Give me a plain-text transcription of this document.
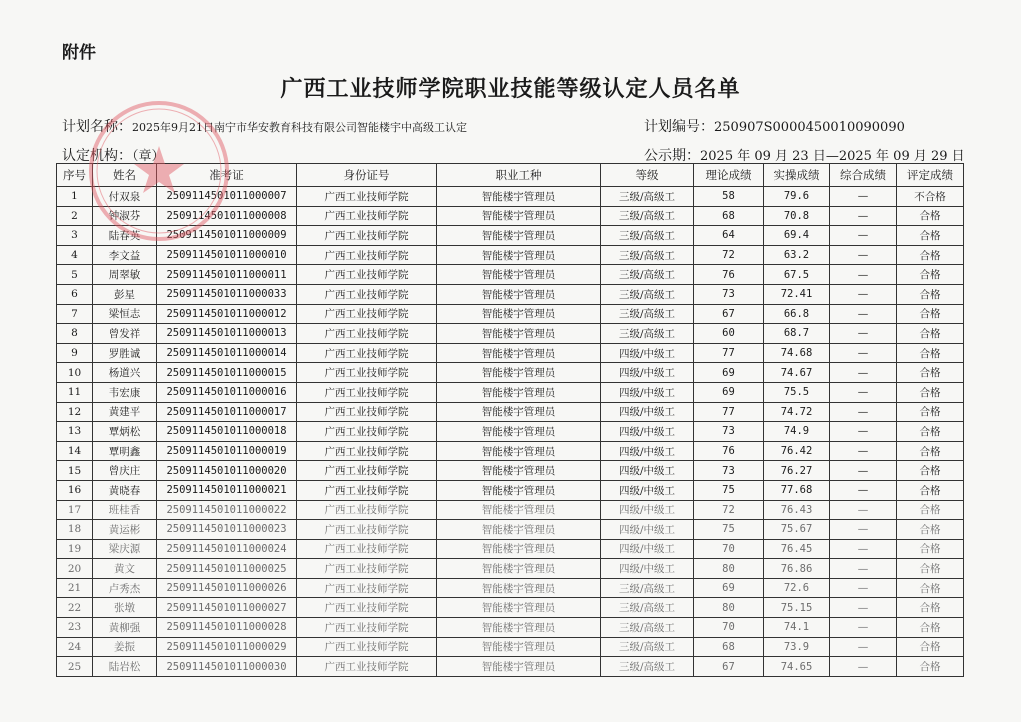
附件
广西工业技师学院职业技能等级认定人员名单
计划名称：2025年9月21日南宁市华安教育科技有限公司智能楼宇中高级工认定	计划编号：250907S0000450010090090
认定机构：（章）	公示期：2025 年 09 月 23 日—2025 年 09 月 29 日
序号	姓名	准考证	身份证号	职业工种	等级	理论成绩	实操成绩	综合成绩	评定成绩
1	付双泉	2509114501011000007	广西工业技师学院	智能楼宇管理员	三级/高级工	58	79.6	—	不合格
2	钟淑芬	2509114501011000008	广西工业技师学院	智能楼宇管理员	三级/高级工	68	70.8	—	合格
3	陆春英	2509114501011000009	广西工业技师学院	智能楼宇管理员	三级/高级工	64	69.4	—	合格
4	李文益	2509114501011000010	广西工业技师学院	智能楼宇管理员	三级/高级工	72	63.2	—	合格
5	周翠敏	2509114501011000011	广西工业技师学院	智能楼宇管理员	三级/高级工	76	67.5	—	合格
6	彭星	2509114501011000033	广西工业技师学院	智能楼宇管理员	三级/高级工	73	72.41	—	合格
7	梁恒志	2509114501011000012	广西工业技师学院	智能楼宇管理员	三级/高级工	67	66.8	—	合格
8	曾发祥	2509114501011000013	广西工业技师学院	智能楼宇管理员	三级/高级工	60	68.7	—	合格
9	罗胜诚	2509114501011000014	广西工业技师学院	智能楼宇管理员	四级/中级工	77	74.68	—	合格
10	杨道兴	2509114501011000015	广西工业技师学院	智能楼宇管理员	四级/中级工	69	74.67	—	合格
11	韦宏康	2509114501011000016	广西工业技师学院	智能楼宇管理员	四级/中级工	69	75.5	—	合格
12	黄建平	2509114501011000017	广西工业技师学院	智能楼宇管理员	四级/中级工	77	74.72	—	合格
13	覃炳松	2509114501011000018	广西工业技师学院	智能楼宇管理员	四级/中级工	73	74.9	—	合格
14	覃明鑫	2509114501011000019	广西工业技师学院	智能楼宇管理员	四级/中级工	76	76.42	—	合格
15	曾庆庄	2509114501011000020	广西工业技师学院	智能楼宇管理员	四级/中级工	73	76.27	—	合格
16	黄晓春	2509114501011000021	广西工业技师学院	智能楼宇管理员	四级/中级工	75	77.68	—	合格
17	班桂香	2509114501011000022	广西工业技师学院	智能楼宇管理员	四级/中级工	72	76.43	—	合格
18	黄运彬	2509114501011000023	广西工业技师学院	智能楼宇管理员	四级/中级工	75	75.67	—	合格
19	梁庆源	2509114501011000024	广西工业技师学院	智能楼宇管理员	四级/中级工	70	76.45	—	合格
20	黄文	2509114501011000025	广西工业技师学院	智能楼宇管理员	四级/中级工	80	76.86	—	合格
21	卢秀杰	2509114501011000026	广西工业技师学院	智能楼宇管理员	三级/高级工	69	72.6	—	合格
22	张墩	2509114501011000027	广西工业技师学院	智能楼宇管理员	三级/高级工	80	75.15	—	合格
23	黄柳强	2509114501011000028	广西工业技师学院	智能楼宇管理员	三级/高级工	70	74.1	—	合格
24	姜振	2509114501011000029	广西工业技师学院	智能楼宇管理员	三级/高级工	68	73.9	—	合格
25	陆岩松	2509114501011000030	广西工业技师学院	智能楼宇管理员	三级/高级工	67	74.65	—	合格
